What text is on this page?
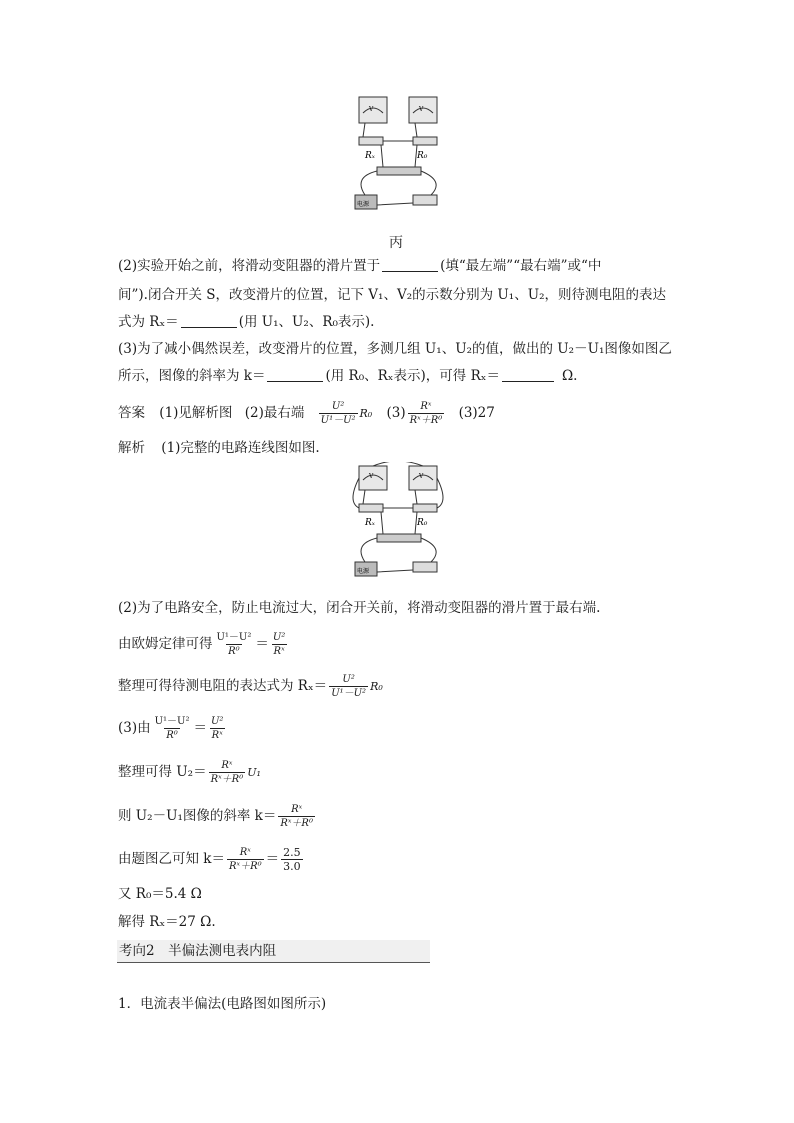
Rₓ	R₀
电源
V	V
丙
(2)实验开始之前，将滑动变阻器的滑片置于	(填“最左端”“最右端”或“中
间”).闭合开关 S，改变滑片的位置，记下 V₁、V₂的示数分别为 U₁、U₂，则待测电阻的表达
式为 Rₓ＝	(用 U₁、U₂、R₀表示).
(3)为了减小偶然误差，改变滑片的位置，多测几组 U₁、U₂的值，做出的 U₂－U₁图像如图乙
所示，图像的斜率为 k＝	(用 R₀、Rₓ表示)，可得 Rₓ＝	Ω.
答案 (1)见解析图 (2)最右端 $\frac{\text{U²}}{\text{U¹－U²}} R_0$ $(3) \frac{\text{Rˣ}}{\text{Rˣ＋R⁰}} (3)27$
解析 (1)完整的电路连线图如图.
Rₓ	R₀
电源
V	V
(2)为了电路安全，防止电流过大，闭合开关前，将滑动变阻器的滑片置于最右端.
由欧姆定律可得 $\frac{\text{U¹－U²}}{\text{R⁰}} = \frac{\text{U²}}{\text{Rˣ}}$
整理可得待测电阻的表达式为 $R_x= \frac{\text{U²}}{\text{U¹－U²}} R_0$
(3)由 $\frac{\text{U¹－U²}}{\text{R⁰}} = \frac{\text{U²}}{\text{Rˣ}}$
整理可得 $U_2= \frac{\text{Rˣ}}{\text{Rˣ＋R⁰}} U_1$
则 U₂－U₁图像的斜率 $k= \frac{\text{Rˣ}}{\text{Rˣ＋R⁰}}$
由题图乙可知 $k= \frac{\text{Rˣ}}{\text{Rˣ＋R⁰}} = \frac{2.5}{3.0}$
又 R₀＝5.4 Ω
解得 Rₓ＝27 Ω.
考向2　半偏法测电表内阻
1．电流表半偏法(电路图如图所示)
